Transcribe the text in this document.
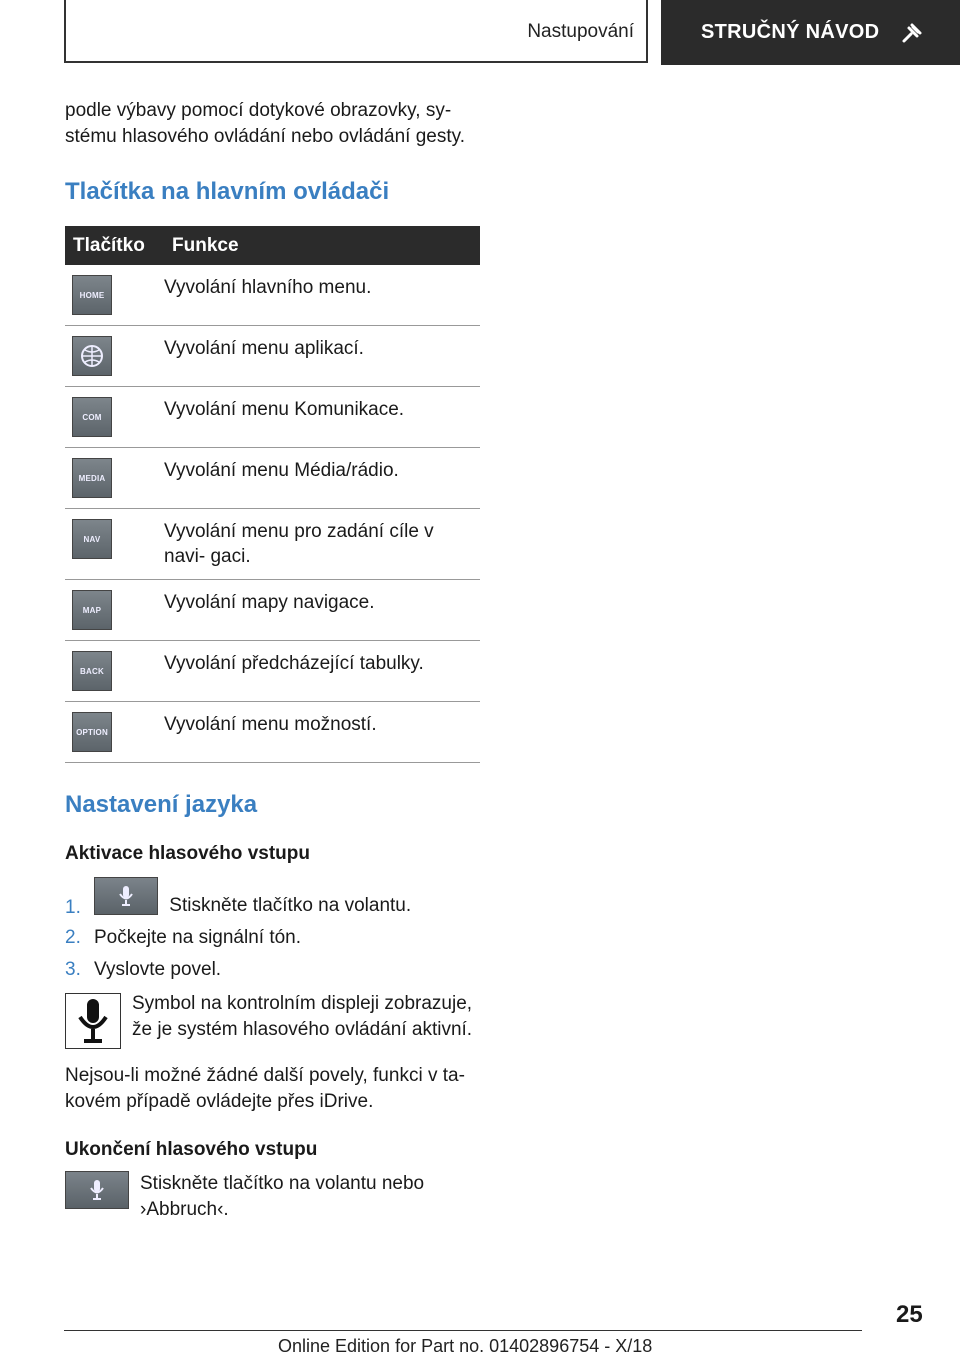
Nastupování	STRUČNÝ NÁVOD

podle výbavy pomocí dotykové obrazovky, sy‐

stému hlasového ovládání nebo ovládání gesty.

Tlačítka na hlavním ovládači
Tlačítko	Funkce

HOME	Vyvolání hlavního menu.

	Vyvolání menu aplikací.

COM	Vyvolání menu Komunikace.

MEDIA	Vyvolání menu Média/rádio.

NAV	Vyvolání menu pro zadání cíle v navi‐ gaci.

MAP	Vyvolání mapy navigace.

BACK	Vyvolání předcházející tabulky.

OPTION	Vyvolání menu možností.
Nastavení jazyka
Aktivace hlasového vstupu
1.	Stiskněte tlačítko na volantu.
2. Počkejte na signální tón.
3. Vyslovte povel.

Symbol na kontrolním displeji zobrazuje, že je systém hlasového ovládání aktivní.

Nejsou-li možné žádné další povely, funkci v ta‐ kovém případě ovládejte přes iDrive.

Ukončení hlasového vstupu

Stiskněte tlačítko na volantu nebo ›Abbruch‹.

25
Online Edition for Part no. 01402896754 - X/18
